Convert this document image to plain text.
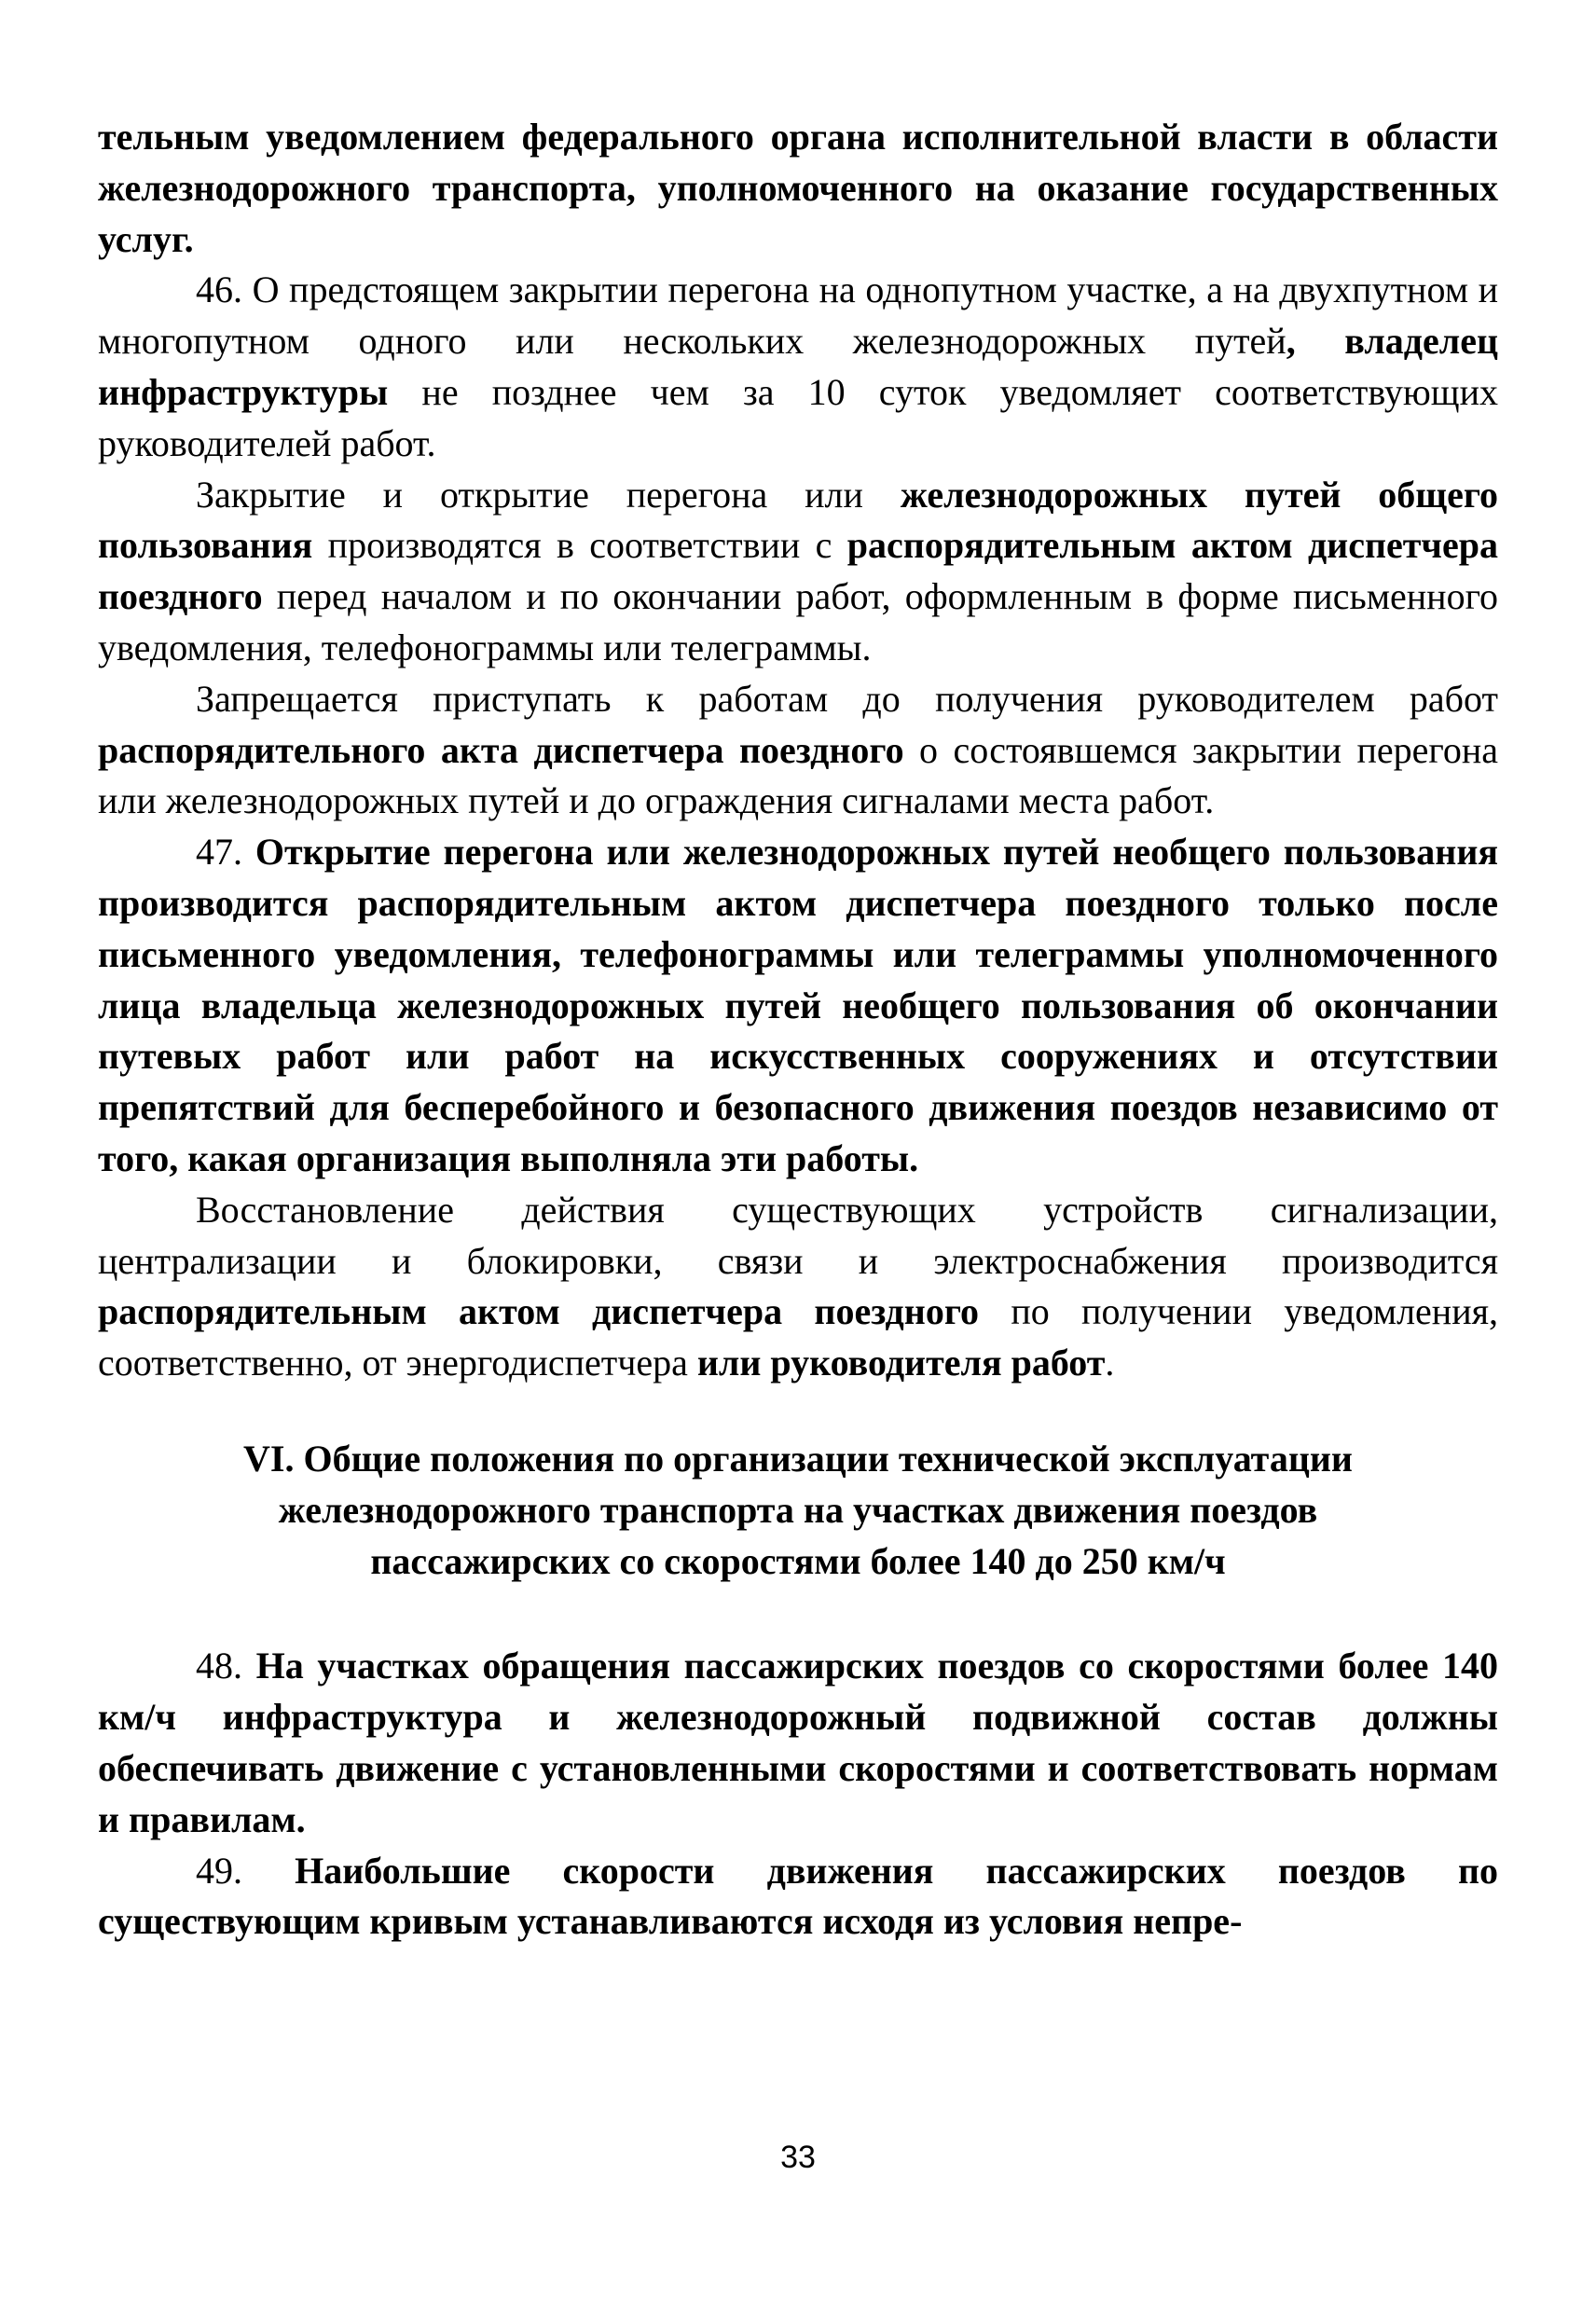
тельным уведомлением федерального органа исполнительной власти в области железнодорожного транспорта, уполномоченного на оказание государственных услуг.

46. О предстоящем закрытии перегона на однопутном участке, а на двухпутном и многопутном одного или нескольких железнодорожных путей, владелец инфраструктуры не позднее чем за 10 суток уведомляет соответствующих руководителей работ.

Закрытие и открытие перегона или железнодорожных путей общего пользования производятся в соответствии с распорядительным актом диспетчера поездного перед началом и по окончании работ, оформленным в форме письменного уведомления, телефонограммы или телеграммы.

Запрещается приступать к работам до получения руководителем работ распорядительного акта диспетчера поездного о состоявшемся закрытии перегона или железнодорожных путей и до ограждения сигналами места работ.

47. Открытие перегона или железнодорожных путей необщего пользования производится распорядительным актом диспетчера поездного только после письменного уведомления, телефонограммы или телеграммы уполномоченного лица владельца железнодорожных путей необщего пользования об окончании путевых работ или работ на искусственных сооружениях и отсутствии препятствий для бесперебойного и безопасного движения поездов независимо от того, какая организация выполняла эти работы.

Восстановление действия существующих устройств сигнализации, централизации и блокировки, связи и электроснабжения производится распорядительным актом диспетчера поездного по получении уведомления, соответственно, от энергодиспетчера или руководителя работ.

VI. Общие положения по организации технической эксплуатации
железнодорожного транспорта на участках движения поездов
пассажирских со скоростями более 140 до 250 км/ч

48. На участках обращения пассажирских поездов со скоростями более 140 км/ч инфраструктура и железнодорожный подвижной состав должны обеспечивать движение с установленными скоростями и соответствовать нормам и правилам.

49. Наибольшие скорости движения пассажирских поездов по существующим кривым устанавливаются исходя из условия непре-

33
